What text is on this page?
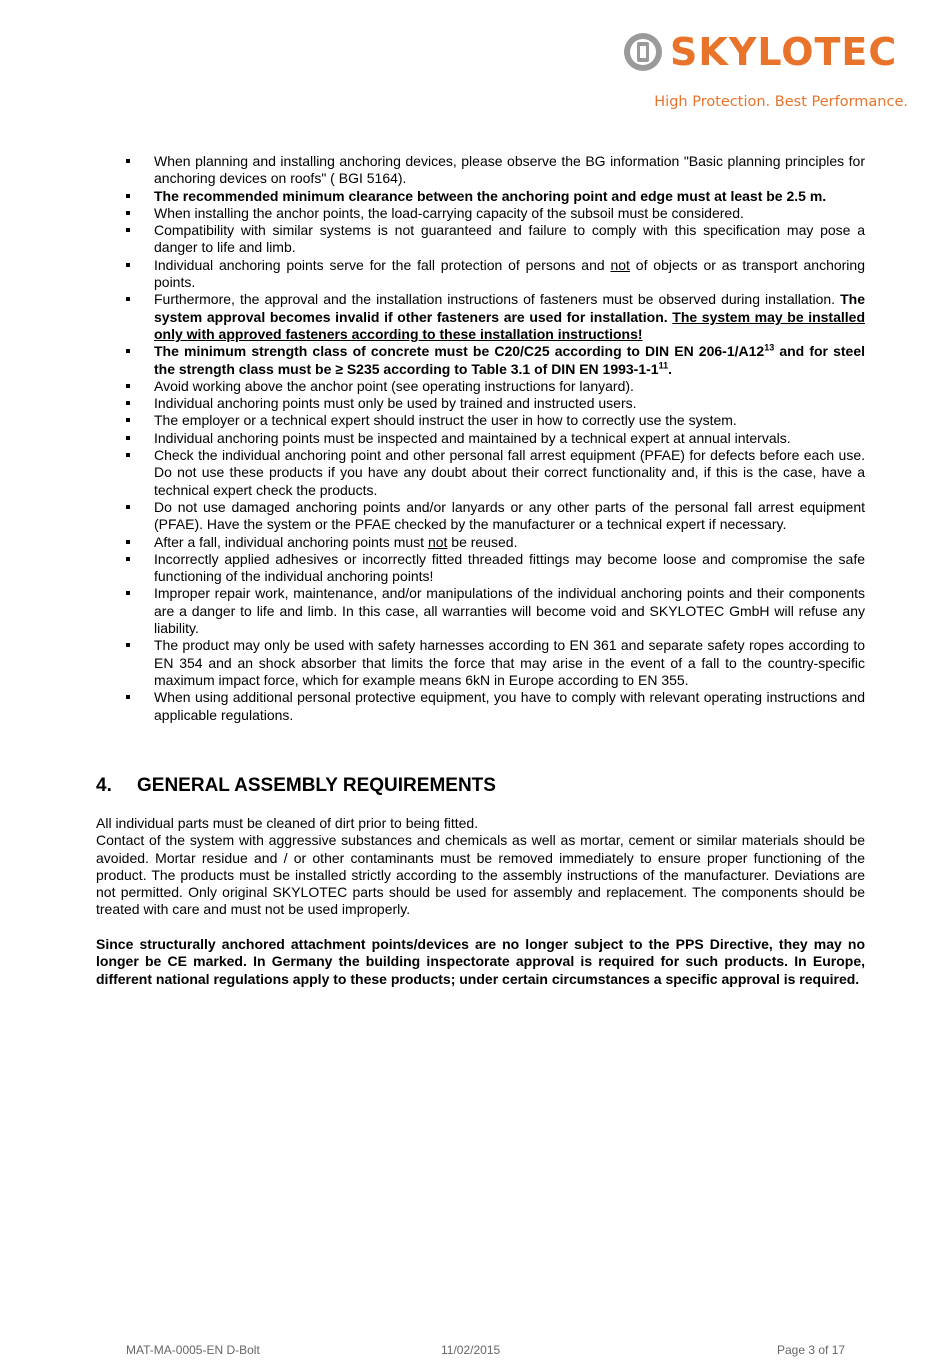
SKYLOTEC
High Protection. Best Performance.
When planning and installing anchoring devices, please observe the BG information "Basic planning principles for anchoring devices on roofs" ( BGI 5164).
The recommended minimum clearance between the anchoring point and edge must at least be 2.5 m.
When installing the anchor points, the load-carrying capacity of the subsoil must be considered.
Compatibility with similar systems is not guaranteed and failure to comply with this specification may pose a danger to life and limb.
Individual anchoring points serve for the fall protection of persons and not of objects or as transport anchoring points.
Furthermore, the approval and the installation instructions of fasteners must be observed during installation. The system approval becomes invalid if other fasteners are used for installation. The system may be installed only with approved fasteners according to these installation instructions!
The minimum strength class of concrete must be C20/C25 according to DIN EN $206-1/A12^{13}$ and for steel the strength class must be ≥ S235 according to Table 3.1 of DIN EN $1993-1-1^{11}$.
Avoid working above the anchor point (see operating instructions for lanyard).
Individual anchoring points must only be used by trained and instructed users.
The employer or a technical expert should instruct the user in how to correctly use the system.
Individual anchoring points must be inspected and maintained by a technical expert at annual intervals.
Check the individual anchoring point and other personal fall arrest equipment (PFAE) for defects before each use. Do not use these products if you have any doubt about their correct functionality and, if this is the case, have a technical expert check the products.
Do not use damaged anchoring points and/or lanyards or any other parts of the personal fall arrest equipment (PFAE). Have the system or the PFAE checked by the manufacturer or a technical expert if necessary.
After a fall, individual anchoring points must not be reused.
Incorrectly applied adhesives or incorrectly fitted threaded fittings may become loose and compromise the safe functioning of the individual anchoring points!
Improper repair work, maintenance, and/or manipulations of the individual anchoring points and their components are a danger to life and limb. In this case, all warranties will become void and SKYLOTEC GmbH will refuse any liability.
The product may only be used with safety harnesses according to EN 361 and separate safety ropes according to EN 354 and an shock absorber that limits the force that may arise in the event of a fall to the country-specific maximum impact force, which for example means 6kN in Europe according to EN 355.
When using additional personal protective equipment, you have to comply with relevant operating instructions and applicable regulations.
4. GENERAL ASSEMBLY REQUIREMENTS

All individual parts must be cleaned of dirt prior to being fitted.

Contact of the system with aggressive substances and chemicals as well as mortar, cement or similar materials should be avoided. Mortar residue and / or other contaminants must be removed immediately to ensure proper functioning of the product. The products must be installed strictly according to the assembly instructions of the manufacturer. Deviations are not permitted. Only original SKYLOTEC parts should be used for assembly and replacement. The components should be treated with care and must not be used improperly.

Since structurally anchored attachment points/devices are no longer subject to the PPS Directive, they may no longer be CE marked. In Germany the building inspectorate approval is required for such products. In Europe, different national regulations apply to these products; under certain circumstances a specific approval is required.

MAT-MA-0005-EN D-Bolt	11/02/2015	Page 3 of 17
